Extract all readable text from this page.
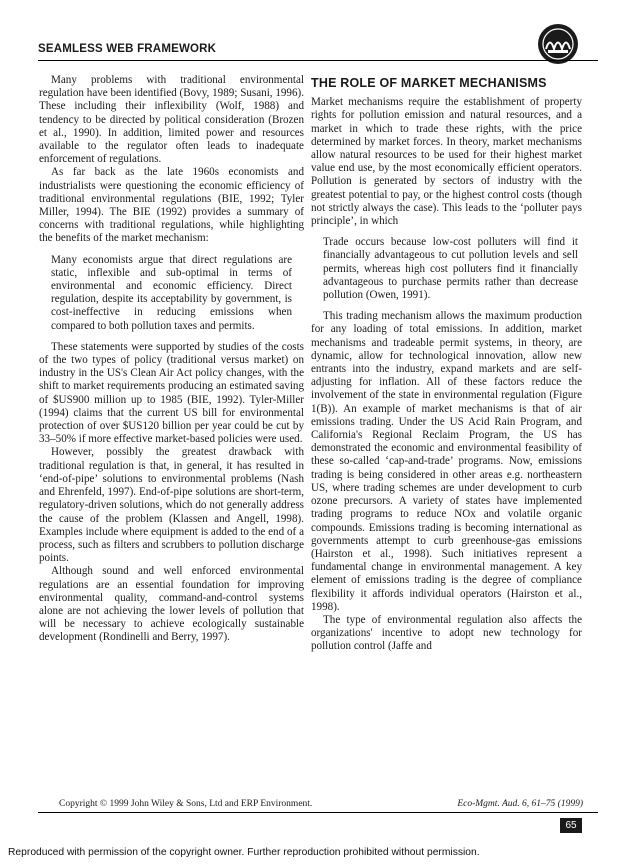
SEAMLESS WEB FRAMEWORK

Many problems with traditional environmental regulation have been identified (Bovy, 1989; Susani, 1996). These including their inflexibility (Wolf, 1988) and tendency to be directed by political consideration (Brozen et al., 1990). In addition, limited power and resources available to the regulator often leads to inadequate enforcement of regulations.

As far back as the late 1960s economists and industrialists were questioning the economic efficiency of traditional environmental regulations (BIE, 1992; Tyler Miller, 1994). The BIE (1992) provides a summary of concerns with traditional regulations, while highlighting the benefits of the market mechanism:

Many economists argue that direct regulations are static, inflexible and sub-optimal in terms of environmental and economic efficiency. Direct regulation, despite its acceptability by government, is cost-ineffective in reducing emissions when compared to both pollution taxes and permits.

These statements were supported by studies of the costs of the two types of policy (traditional versus market) on industry in the US's Clean Air Act policy changes, with the shift to market requirements producing an estimated saving of $US900 million up to 1985 (BIE, 1992). Tyler-Miller (1994) claims that the current US bill for environmental protection of over $US120 billion per year could be cut by 33–50% if more effective market-based policies were used.

However, possibly the greatest drawback with traditional regulation is that, in general, it has resulted in ‘end-of-pipe’ solutions to environmental problems (Nash and Ehrenfeld, 1997). End-of-pipe solutions are short-term, regulatory-driven solutions, which do not generally address the cause of the problem (Klassen and Angell, 1998). Examples include where equipment is added to the end of a process, such as filters and scrubbers to pollution discharge points.

Although sound and well enforced environmental regulations are an essential foundation for improving environmental quality, command-and-control systems alone are not achieving the lower levels of pollution that will be necessary to achieve ecologically sustainable development (Rondinelli and Berry, 1997).

THE ROLE OF MARKET MECHANISMS

Market mechanisms require the establishment of property rights for pollution emission and natural resources, and a market in which to trade these rights, with the price determined by market forces. In theory, market mechanisms allow natural resources to be used for their highest market value end use, by the most economically efficient operators. Pollution is generated by sectors of industry with the greatest potential to pay, or the highest control costs (though not strictly always the case). This leads to the ‘polluter pays principle’, in which

Trade occurs because low-cost polluters will find it financially advantageous to cut pollution levels and sell permits, whereas high cost polluters find it financially advantageous to purchase permits rather than decrease pollution (Owen, 1991).

This trading mechanism allows the maximum production for any loading of total emissions. In addition, market mechanisms and tradeable permit systems, in theory, are dynamic, allow for technological innovation, allow new entrants into the industry, expand markets and are self-adjusting for inflation. All of these factors reduce the involvement of the state in environmental regulation (Figure 1(B)). An example of market mechanisms is that of air emissions trading. Under the US Acid Rain Program, and California's Regional Reclaim Program, the US has demonstrated the economic and environmental feasibility of these so-called ‘cap-and-trade’ programs. Now, emissions trading is being considered in other areas e.g. northeastern US, where trading schemes are under development to curb ozone precursors. A variety of states have implemented trading programs to reduce NOx and volatile organic compounds. Emissions trading is becoming international as governments attempt to curb greenhouse-gas emissions (Hairston et al., 1998). Such initiatives represent a fundamental change in environmental management. A key element of emissions trading is the degree of compliance flexibility it affords individual operators (Hairston et al., 1998).

The type of environmental regulation also affects the organizations' incentive to adopt new technology for pollution control (Jaffe and

Copyright © 1999 John Wiley & Sons, Ltd and ERP Environment.	Eco-Mgmt. Aud. 6, 61–75 (1999)
65
Reproduced with permission of the copyright owner. Further reproduction prohibited without permission.
